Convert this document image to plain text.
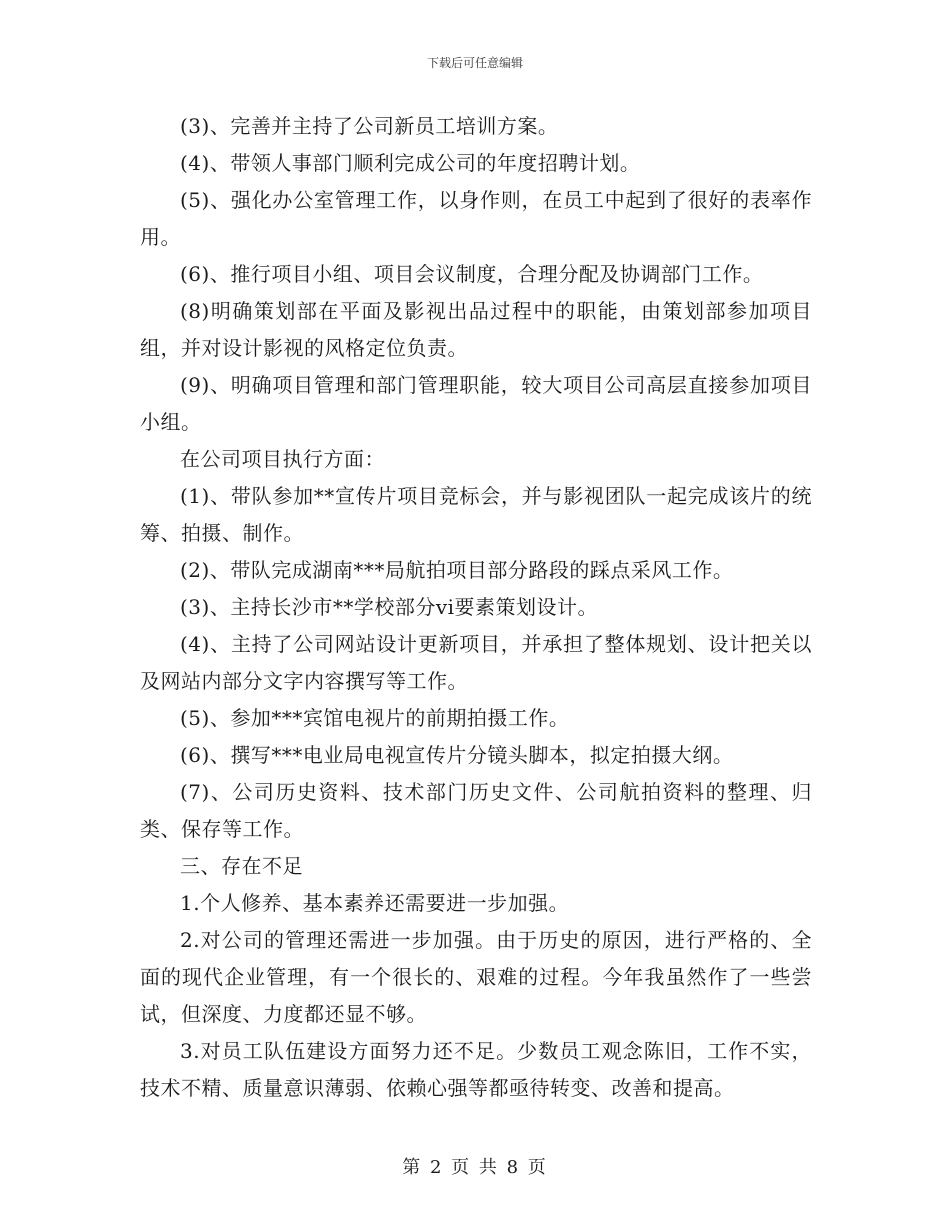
下载后可任意编辑

(3)、完善并主持了公司新员工培训方案。

(4)、带领人事部门顺利完成公司的年度招聘计划。

(5)、强化办公室管理工作，以身作则，在员工中起到了很好的表率作用。

(6)、推行项目小组、项目会议制度，合理分配及协调部门工作。

(8)明确策划部在平面及影视出品过程中的职能，由策划部参加项目组，并对设计影视的风格定位负责。

(9)、明确项目管理和部门管理职能，较大项目公司高层直接参加项目小组。

在公司项目执行方面：

(1)、带队参加**宣传片项目竞标会，并与影视团队一起完成该片的统筹、拍摄、制作。

(2)、带队完成湖南***局航拍项目部分路段的踩点采风工作。

(3)、主持长沙市**学校部分vi要素策划设计。

(4)、主持了公司网站设计更新项目，并承担了整体规划、设计把关以及网站内部分文字内容撰写等工作。

(5)、参加***宾馆电视片的前期拍摄工作。

(6)、撰写***电业局电视宣传片分镜头脚本，拟定拍摄大纲。

(7)、公司历史资料、技术部门历史文件、公司航拍资料的整理、归类、保存等工作。

三、存在不足

1.个人修养、基本素养还需要进一步加强。

2.对公司的管理还需进一步加强。由于历史的原因，进行严格的、全面的现代企业管理，有一个很长的、艰难的过程。今年我虽然作了一些尝试，但深度、力度都还显不够。

3.对员工队伍建设方面努力还不足。少数员工观念陈旧，工作不实，技术不精、质量意识薄弱、依赖心强等都亟待转变、改善和提高。

第 2 页 共 8 页
